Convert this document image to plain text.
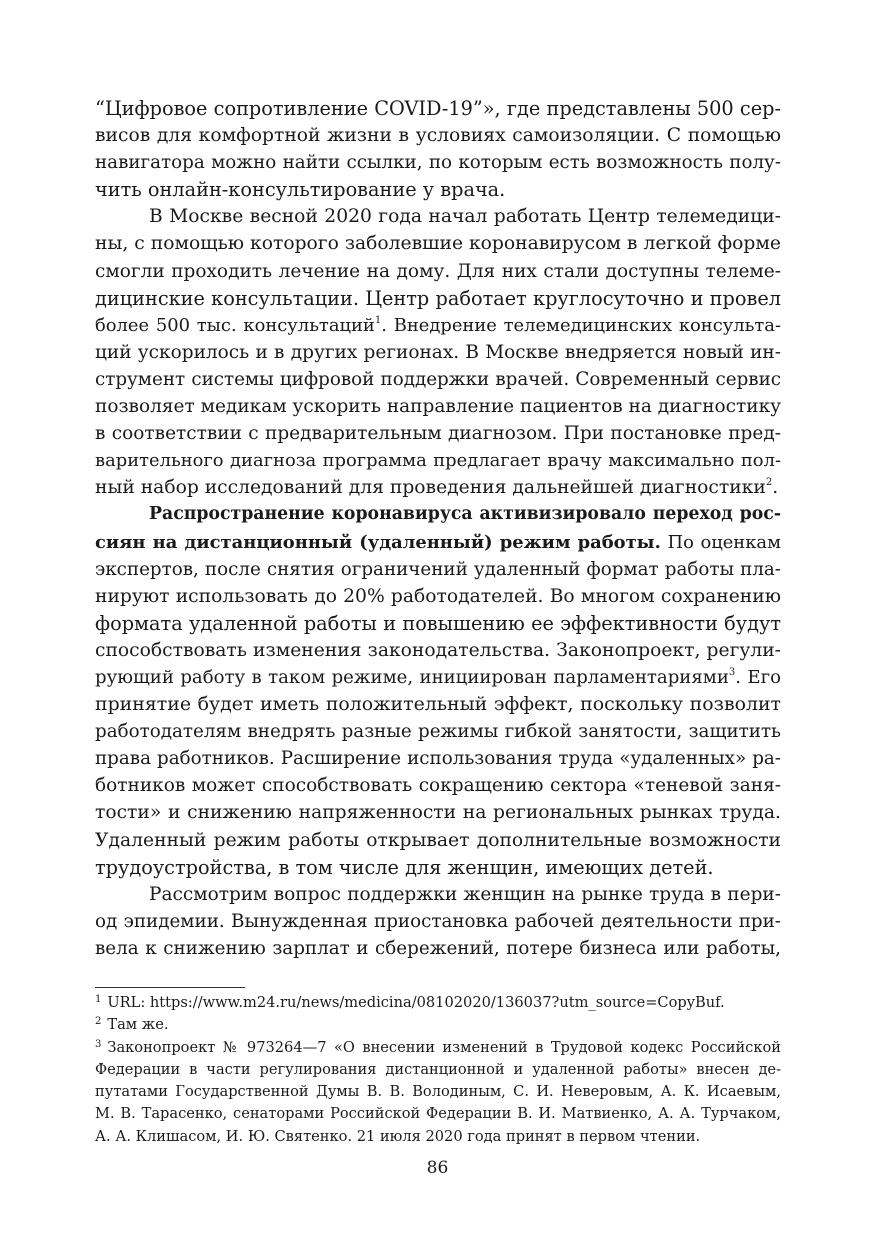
“Цифровое сопротивление COVID-19”», где представлены 500 сер-
висов для комфортной жизни в условиях самоизоляции. С помощью
навигатора можно найти ссылки, по которым есть возможность полу-
чить онлайн-консультирование у врача.
В Москве весной 2020 года начал работать Центр телемедици-
ны, с помощью которого заболевшие коронавирусом в легкой форме
смогли проходить лечение на дому. Для них стали доступны телеме-
дицинские консультации. Центр работает круглосуточно и провел
более 500 тыс. консультаций$^1$. Внедрение телемедицинских консульта-
ций ускорилось и в других регионах. В Москве внедряется новый ин-
струмент системы цифровой поддержки врачей. Современный сервис
позволяет медикам ускорить направление пациентов на диагностику
в соответствии с предварительным диагнозом. При постановке пред-
варительного диагноза программа предлагает врачу максимально пол-
ный набор исследований для проведения дальнейшей диагностики$^2$.
Распространение коронавируса активизировало переход рос-
сиян на дистанционный (удаленный) режим работы. По оценкам
экспертов, после снятия ограничений удаленный формат работы пла-
нируют использовать до 20% работодателей. Во многом сохранению
формата удаленной работы и повышению ее эффективности будут
способствовать изменения законодательства. Законопроект, регули-
рующий работу в таком режиме, инициирован парламентариями$^3$. Его
принятие будет иметь положительный эффект, поскольку позволит
работодателям внедрять разные режимы гибкой занятости, защитить
права работников. Расширение использования труда «удаленных» ра-
ботников может способствовать сокращению сектора «теневой заня-
тости» и снижению напряженности на региональных рынках труда.
Удаленный режим работы открывает дополнительные возможности
трудоустройства, в том числе для женщин, имеющих детей.
Рассмотрим вопрос поддержки женщин на рынке труда в пери-
од эпидемии. Вынужденная приостановка рабочей деятельности при-
вела к снижению зарплат и сбережений, потере бизнеса или работы,
$^1$ URL: https://www.m24.ru/news/medicina/08102020/136037?utm_source=CopyBuf.
$^2$ Там же.
$^3$ Законопроект № 973264—7 «О внесении изменений в Трудовой кодекс Российской
Федерации в части регулирования дистанционной и удаленной работы» внесен де-
путатами Государственной Думы В. В. Володиным, С. И. Неверовым, А. К. Исаевым,
М. В. Тарасенко, сенаторами Российской Федерации В. И. Матвиенко, А. А. Турчаком,
А. А. Клишасом, И. Ю. Святенко. 21 июля 2020 года принят в первом чтении.
86
